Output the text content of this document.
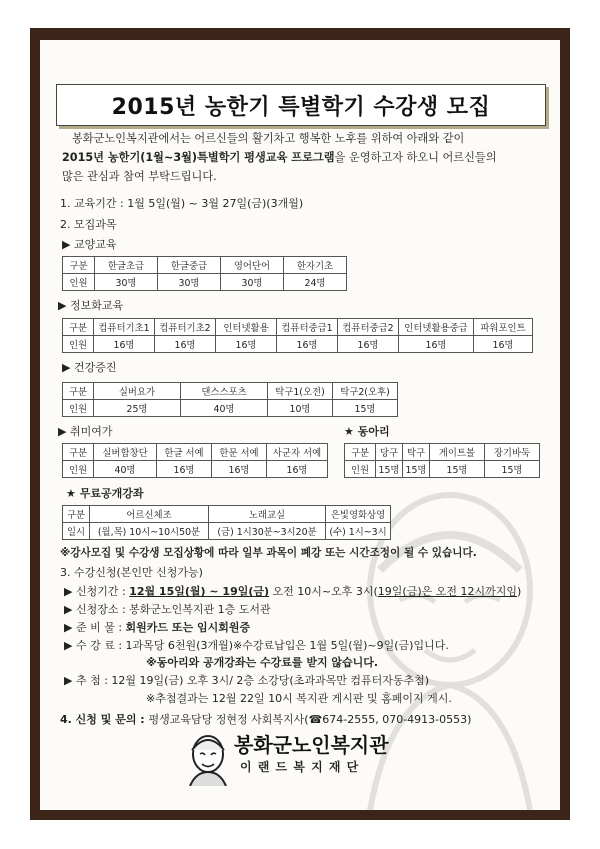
2015년 농한기 특별학기 수강생 모집
봉화군노인복지관에서는 어르신들의 활기차고 행복한 노후를 위하여 아래와 같이
2015년 농한기(1월~3월)특별학기 평생교육 프로그램을 운영하고자 하오니 어르신들의
많은 관심과 참여 부탁드립니다.
1. 교육기간 : 1월 5일(월) ~ 3월 27일(금)(3개월)
2. 모집과목
▶ 교양교육
구분	한글초급	한글중급	영어단어	한자기초
인원	30명	30명	30명	24명
▶ 정보화교육
구분	컴퓨터기초1	컴퓨터기초2	인터넷활용	컴퓨터중급1	컴퓨터중급2	인터넷활용중급	파워포인트
인원	16명	16명	16명	16명	16명	16명	16명
▶ 건강증진
구분	실버요가	댄스스포츠	탁구1(오전)	탁구2(오후)
인원	25명	40명	10명	15명
▶ 취미여가
구분	실버합창단	한글 서예	한문 서예	사군자 서예
인원	40명	16명	16명	16명
★ 동아리
구분	당구	탁구	게이트볼	장기바둑
인원	15명	15명	15명	15명
★ 무료공개강좌
구분	어르신체조	노래교실	은빛영화상영
일시	(월,목) 10시~10시50분	(금) 1시30분~3시20분	(수) 1시~3시
※강사모집 및 수강생 모집상황에 따라 일부 과목이 폐강 또는 시간조정이 될 수 있습니다.
3. 수강신청(본인만 신청가능)
▶ 신청기간 : 12월 15일(월) ~ 19일(금) 오전 10시~오후 3시(19일(금)은 오전 12시까지임)
▶ 신청장소 : 봉화군노인복지관 1층 도서관
▶ 준 비 물 : 회원카드 또는 임시회원증
▶ 수 강 료 : 1과목당 6천원(3개월)※수강료납입은 1월 5일(월)~9일(금)입니다.
※동아리와 공개강좌는 수강료를 받지 않습니다.
▶ 추 첨 : 12월 19일(금) 오후 3시/ 2층 소강당(초과과목만 컴퓨터자동추첨)
※추첨결과는 12월 22일 10시 복지관 게시판 및 홈페이지 게시.
4. 신청 및 문의 : 평생교육담당 정현정 사회복지사(☎674-2555, 070-4913-0553)
봉화군노인복지관
이 랜 드 복 지 재 단
